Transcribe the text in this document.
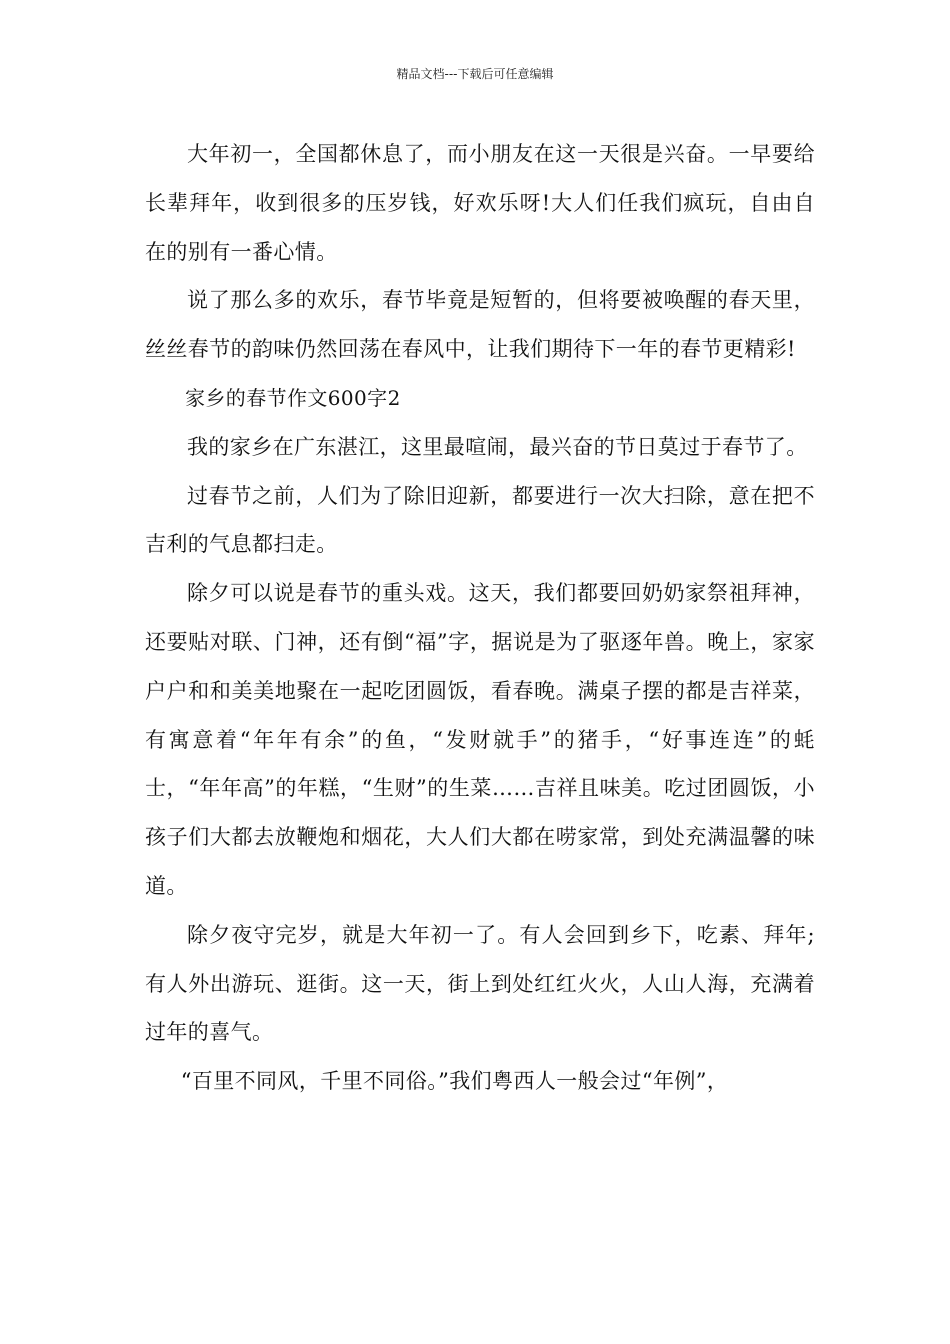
精品文档---下载后可任意编辑

大年初一，全国都休息了，而小朋友在这一天很是兴奋。一早要给长辈拜年，收到很多的压岁钱，好欢乐呀!大人们任我们疯玩，自由自在的别有一番心情。

说了那么多的欢乐，春节毕竟是短暂的，但将要被唤醒的春天里，丝丝春节的韵味仍然回荡在春风中，让我们期待下一年的春节更精彩!

家乡的春节作文600字2

我的家乡在广东湛江，这里最喧闹，最兴奋的节日莫过于春节了。

过春节之前，人们为了除旧迎新，都要进行一次大扫除，意在把不吉利的气息都扫走。

除夕可以说是春节的重头戏。这天，我们都要回奶奶家祭祖拜神，还要贴对联、门神，还有倒“福”字，据说是为了驱逐年兽。晚上，家家户户和和美美地聚在一起吃团圆饭，看春晚。满桌子摆的都是吉祥菜，有寓意着“年年有余”的鱼，“发财就手”的猪手，“好事连连”的蚝士，“年年高”的年糕，“生财”的生菜……吉祥且味美。吃过团圆饭，小孩子们大都去放鞭炮和烟花，大人们大都在唠家常，到处充满温馨的味道。

除夕夜守完岁，就是大年初一了。有人会回到乡下，吃素、拜年;有人外出游玩、逛街。这一天，街上到处红红火火，人山人海，充满着过年的喜气。

“百里不同风，千里不同俗。”我们粤西人一般会过“年例”，
